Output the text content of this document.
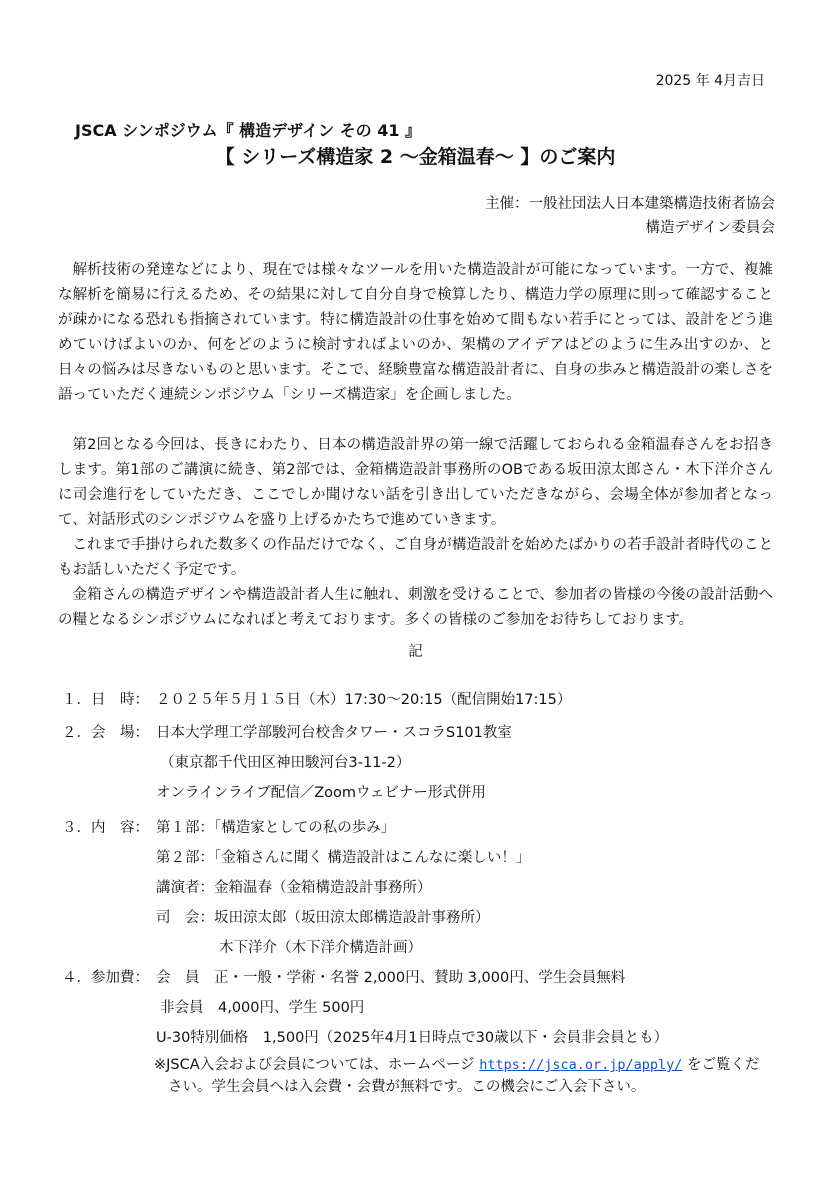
2025 年 4月吉日
JSCA シンポジウム『 構造デザイン その 41 』
【 シリーズ構造家 2 ～金箱温春～ 】のご案内
主催：一般社団法人日本建築構造技術者協会
構造デザイン委員会

解析技術の発達などにより、現在では様々なツールを用いた構造設計が可能になっています。一方で、複雑な解析を簡易に行えるため、その結果に対して自分自身で検算したり、構造力学の原理に則って確認することが疎かになる恐れも指摘されています。特に構造設計の仕事を始めて間もない若手にとっては、設計をどう進めていけばよいのか、何をどのように検討すればよいのか、架構のアイデアはどのように生み出すのか、と日々の悩みは尽きないものと思います。そこで、経験豊富な構造設計者に、自身の歩みと構造設計の楽しさを語っていただく連続シンポジウム「シリーズ構造家」を企画しました。

第2回となる今回は、長きにわたり、日本の構造設計界の第一線で活躍しておられる金箱温春さんをお招きします。第1部のご講演に続き、第2部では、金箱構造設計事務所のOBである坂田涼太郎さん・木下洋介さんに司会進行をしていただき、ここでしか聞けない話を引き出していただきながら、会場全体が参加者となって、対話形式のシンポジウムを盛り上げるかたちで進めていきます。

これまで手掛けられた数多くの作品だけでなく、ご自身が構造設計を始めたばかりの若手設計者時代のこともお話しいただく予定です。

金箱さんの構造デザインや構造設計者人生に触れ、刺激を受けることで、参加者の皆様の今後の設計活動への糧となるシンポジウムになればと考えております。多くの皆様のご参加をお待ちしております。

記
１．日　時： ２０２５年５月１５日（木）17:30～20:15（配信開始17:15）
２．会　場： 日本大学理工学部駿河台校舎タワー・スコラS101教室
（東京都千代田区神田駿河台3-11-2）
オンラインライブ配信／Zoomウェビナー形式併用
３．内　容： 第１部：「構造家としての私の歩み」
第２部：「金箱さんに聞く 構造設計はこんなに楽しい！」
講演者：金箱温春（金箱構造設計事務所）
司　会：坂田涼太郎（坂田涼太郎構造設計事務所）
木下洋介（木下洋介構造計画）
４．参加費： 会　員　正・一般・学術・名誉 2,000円、賛助 3,000円、学生会員無料
非会員　4,000円、学生 500円
U-30特別価格　1,500円（2025年4月1日時点で30歳以下・会員非会員とも）
※JSCA入会および会員については、ホームページ https://jsca.or.jp/apply/ をご覧くだ
さい。学生会員へは入会費・会費が無料です。この機会にご入会下さい。
